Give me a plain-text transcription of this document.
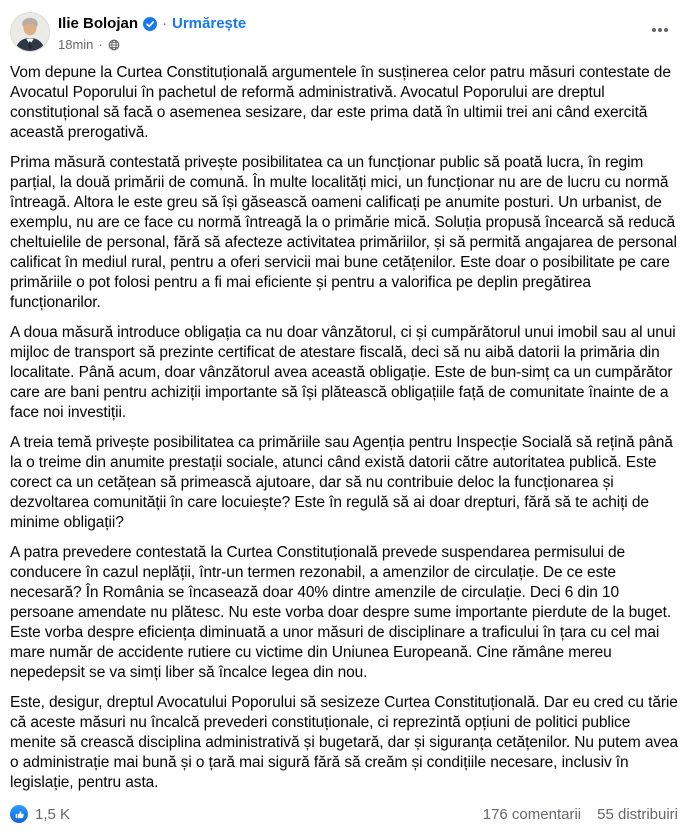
Ilie Bolojan · Urmărește
18min ·

Vom depune la Curtea Constituțională argumentele în susținerea celor patru măsuri contestate de Avocatul Poporului în pachetul de reformă administrativă. Avocatul Poporului are dreptul constituțional să facă o asemenea sesizare, dar este prima dată în ultimii trei ani când exercită această prerogativă.

Prima măsură contestată privește posibilitatea ca un funcționar public să poată lucra, în regim parțial, la două primării de comună. În multe localități mici, un funcționar nu are de lucru cu normă întreagă. Altora le este greu să își găsească oameni calificați pe anumite posturi. Un urbanist, de exemplu, nu are ce face cu normă întreagă la o primărie mică. Soluția propusă încearcă să reducă cheltuielile de personal, fără să afecteze activitatea primăriilor, și să permită angajarea de personal calificat în mediul rural, pentru a oferi servicii mai bune cetățenilor. Este doar o posibilitate pe care primăriile o pot folosi pentru a fi mai eficiente și pentru a valorifica pe deplin pregătirea funcționarilor.

A doua măsură introduce obligația ca nu doar vânzătorul, ci și cumpărătorul unui imobil sau al unui mijloc de transport să prezinte certificat de atestare fiscală, deci să nu aibă datorii la primăria din localitate. Până acum, doar vânzătorul avea această obligație. Este de bun-simț ca un cumpărător care are bani pentru achiziții importante să își plătească obligațiile față de comunitate înainte de a face noi investiții.

A treia temă privește posibilitatea ca primăriile sau Agenția pentru Inspecție Socială să rețină până la o treime din anumite prestații sociale, atunci când există datorii către autoritatea publică. Este corect ca un cetățean să primească ajutoare, dar să nu contribuie deloc la funcționarea și dezvoltarea comunității în care locuiește? Este în regulă să ai doar drepturi, fără să te achiți de minime obligații?

A patra prevedere contestată la Curtea Constituțională prevede suspendarea permisului de conducere în cazul neplății, într-un termen rezonabil, a amenzilor de circulație. De ce este necesară? În România se încasează doar 40% dintre amenzile de circulație. Deci 6 din 10 persoane amendate nu plătesc. Nu este vorba doar despre sume importante pierdute de la buget. Este vorba despre eficiența diminuată a unor măsuri de disciplinare a traficului în țara cu cel mai mare număr de accidente rutiere cu victime din Uniunea Europeană. Cine rămâne mereu nepedepsit se va simți liber să încalce legea din nou.

Este, desigur, dreptul Avocatului Poporului să sesizeze Curtea Constituțională. Dar eu cred cu tărie că aceste măsuri nu încalcă prevederi constituționale, ci reprezintă opțiuni de politici publice menite să crească disciplina administrativă și bugetară, dar și siguranța cetățenilor. Nu putem avea o administrație mai bună și o țară mai sigură fără să creăm și condițiile necesare, inclusiv în legislație, pentru asta.

1,5 K	176 comentarii 55 distribuiri
